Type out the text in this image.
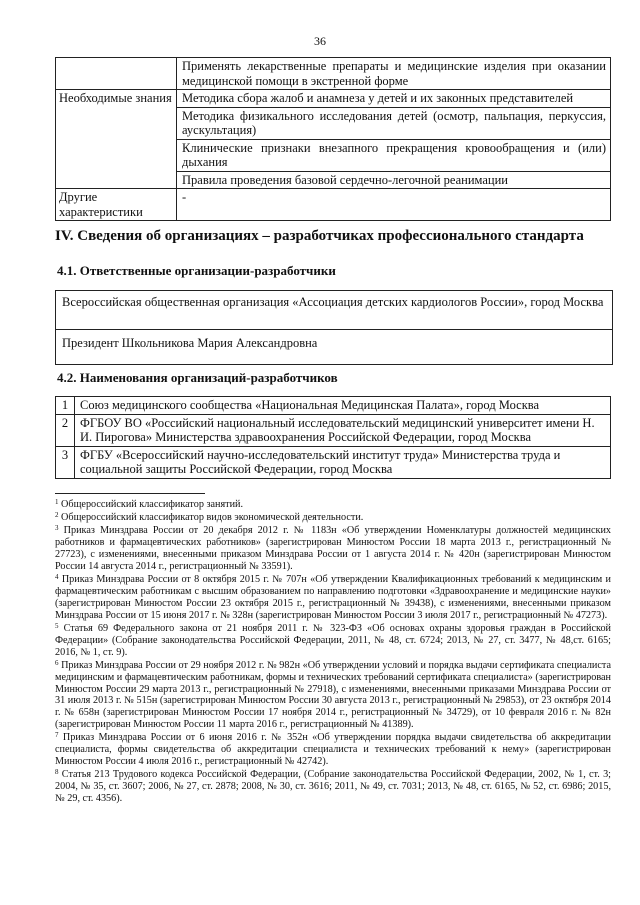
36
	Применять лекарственные препараты и медицинские изделия при оказании медицинской помощи в экстренной форме
Необходимые знания	Методика сбора жалоб и анамнеза у детей и их законных представителей
	Методика физикального исследования детей (осмотр, пальпация, перкуссия, аускультация)
	Клинические признаки внезапного прекращения кровообращения и (или) дыхания
	Правила проведения базовой сердечно-легочной реанимации
Другие характеристики	-
IV. Сведения об организациях – разработчиках профессионального стандарта
4.1. Ответственные организации-разработчики
Всероссийская общественная организация «Ассоциация детских кардиологов России», город Москва
Президент Школьникова Мария Александровна
4.2. Наименования организаций-разработчиков
1	Союз медицинского сообщества «Национальная Медицинская Палата», город Москва
2	ФГБОУ ВО «Российский национальный исследовательский медицинский университет имени Н. И. Пирогова» Министерства здравоохранения Российской Федерации, город Москва
3	ФГБУ «Всероссийский научно-исследовательский институт труда» Министерства труда и социальной защиты Российской Федерации, город Москва

$^1$ Общероссийский классификатор занятий.

$^2$ Общероссийский классификатор видов экономической деятельности.

$^3$ Приказ Минздрава России от 20 декабря 2012 г. № 1183н «Об утверждении Номенклатуры должностей медицинских работников и фармацевтических работников» (зарегистрирован Минюстом России 18 марта 2013 г., регистрационный № 27723), с изменениями, внесенными приказом Минздрава России от 1 августа 2014 г. № 420н (зарегистрирован Минюстом России 14 августа 2014 г., регистрационный № 33591).

$^4$ Приказ Минздрава России от 8 октября 2015 г. № 707н «Об утверждении Квалификационных требований к медицинским и фармацевтическим работникам с высшим образованием по направлению подготовки «Здравоохранение и медицинские науки» (зарегистрирован Минюстом России 23 октября 2015 г., регистрационный № 39438), с изменениями, внесенными приказом Минздрава России от 15 июня 2017 г. № 328н (зарегистрирован Минюстом России 3 июля 2017 г., регистрационный № 47273).

$^5$ Статья 69 Федерального закона от 21 ноября 2011 г. № 323-ФЗ «Об основах охраны здоровья граждан в Российской Федерации» (Собрание законодательства Российской Федерации, 2011, № 48, ст. 6724; 2013, № 27, ст. 3477, № 48,ст. 6165; 2016, № 1, ст. 9).

$^6$ Приказ Минздрава России от 29 ноября 2012 г. № 982н «Об утверждении условий и порядка выдачи сертификата специалиста медицинским и фармацевтическим работникам, формы и технических требований сертификата специалиста» (зарегистрирован Минюстом России 29 марта 2013 г., регистрационный № 27918), с изменениями, внесенными приказами Минздрава России от 31 июля 2013 г. № 515н (зарегистрирован Минюстом России 30 августа 2013 г., регистрационный № 29853), от 23 октября 2014 г. № 658н (зарегистрирован Минюстом России 17 ноября 2014 г., регистрационный № 34729), от 10 февраля 2016 г. № 82н (зарегистрирован Минюстом России 11 марта 2016 г., регистрационный № 41389).

$^7$ Приказ Минздрава России от 6 июня 2016 г. № 352н «Об утверждении порядка выдачи свидетельства об аккредитации специалиста, формы свидетельства об аккредитации специалиста и технических требований к нему» (зарегистрирован Минюстом России 4 июля 2016 г., регистрационный № 42742).

$^8$ Статья 213 Трудового кодекса Российской Федерации, (Собрание законодательства Российской Федерации, 2002, № 1, ст. 3; 2004, № 35, ст. 3607; 2006, № 27, ст. 2878; 2008, № 30, ст. 3616; 2011, № 49, ст. 7031; 2013, № 48, ст. 6165, № 52, ст. 6986; 2015, № 29, ст. 4356).
